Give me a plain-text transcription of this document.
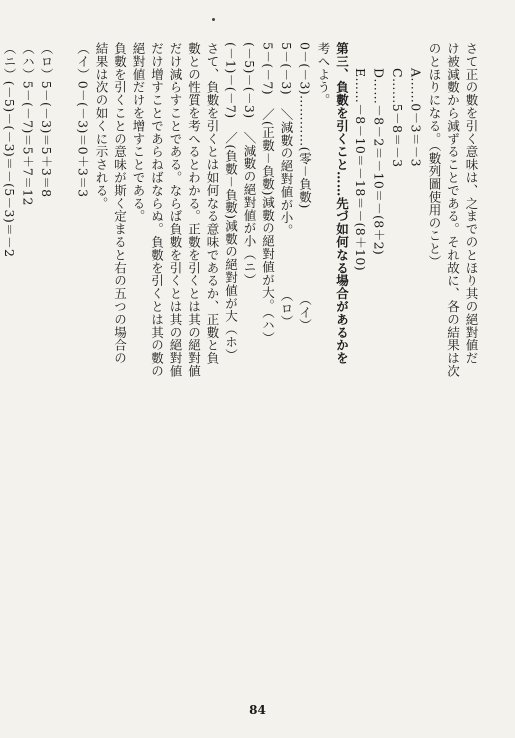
さて正の數を引く意味は、之までのとほり其の絕對値だ
け被減數から減ずることである。それ故に、各の結果は次
のとほりになる。（數列圖使用のこと）
A……0－3＝－3
C……5－8＝－3
D……－8－2＝－10＝－(8＋2)
E……－8－10＝－18＝－(8＋10)
第三、負數を引くこと……先づ如何なる場合があるかを
考へよう。
0－(－3)…………(零－負數)　　　　　　　（イ）
5－(－3)　＼減數の絕對値が小。　　　　　（ロ）
5－(－7)　／(正數－負數)減數の絕對値が大。（ハ）
(－5)－(－3)　＼減數の絕對値が小（ニ）
(－1)－(－7)　／(負數－負數)減數の絕對値が大（ホ）
さて、負數を引くとは如何なる意味であるか、正數と負
數との性質を考へるとわかる。正數を引くとは其の絕對値
だけ減らすことである。ならば負數を引くとは其の絕對値
だけ增すことであらねばならぬ。負數を引くとは其の數の
絕對値だけを增すことである。
負數を引くことの意味が斯く定まると右の五つの場合の
結果は次の如くに示される。
（イ）0－(－3)＝0＋3＝3
（ロ）5－(－3)＝5＋3＝8
（ハ）5－(－7)＝5＋7＝12
（ニ）(－5)－(－3)＝－(5－3)＝－2
84
